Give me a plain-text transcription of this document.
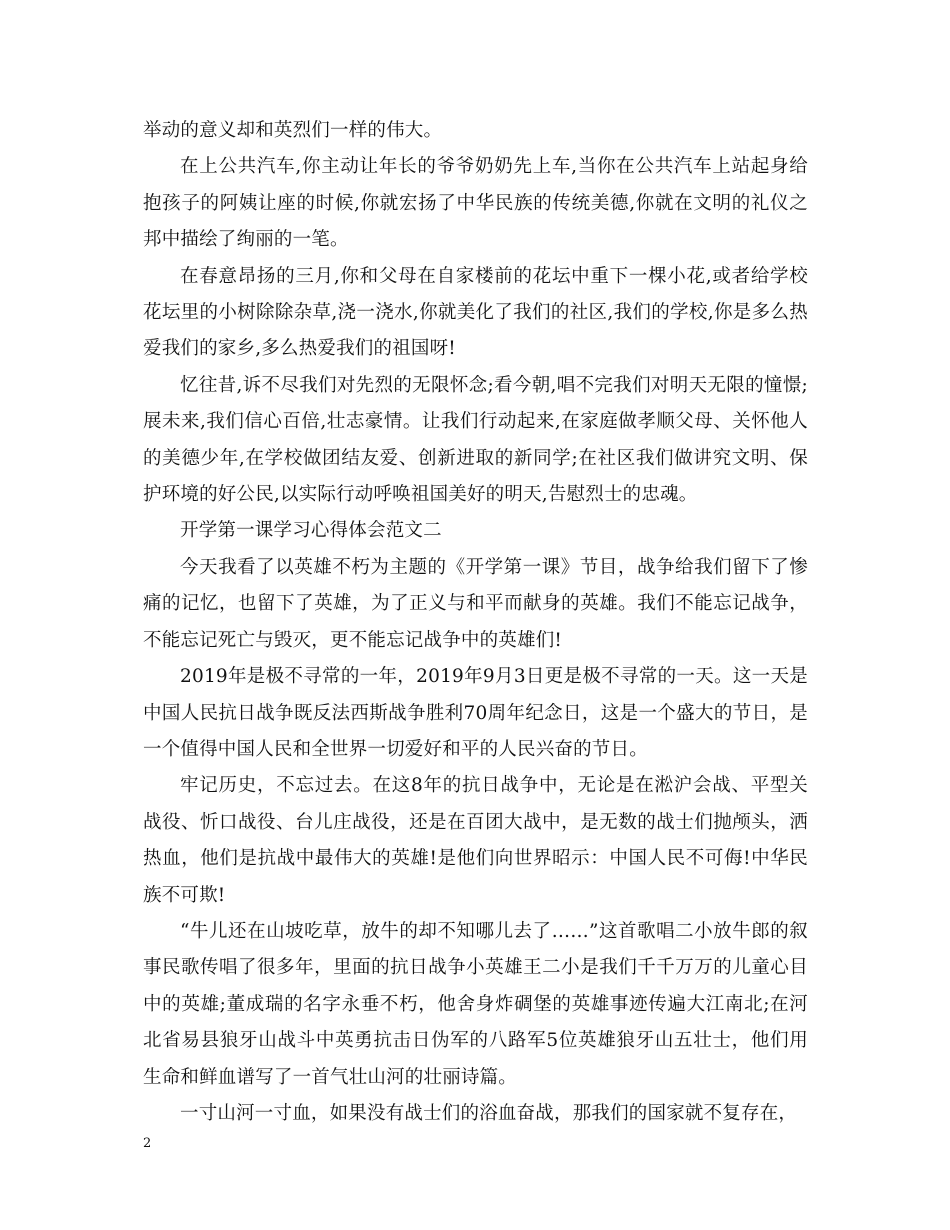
举动的意义却和英烈们一样的伟大。

在上公共汽车,你主动让年长的爷爷奶奶先上车,当你在公共汽车上站起身给抱孩子的阿姨让座的时候,你就宏扬了中华民族的传统美德,你就在文明的礼仪之邦中描绘了绚丽的一笔。

在春意昂扬的三月,你和父母在自家楼前的花坛中重下一棵小花,或者给学校花坛里的小树除除杂草,浇一浇水,你就美化了我们的社区,我们的学校,你是多么热爱我们的家乡,多么热爱我们的祖国呀!

忆往昔,诉不尽我们对先烈的无限怀念;看今朝,唱不完我们对明天无限的憧憬;展未来,我们信心百倍,壮志豪情。让我们行动起来,在家庭做孝顺父母、关怀他人的美德少年,在学校做团结友爱、创新进取的新同学;在社区我们做讲究文明、保护环境的好公民,以实际行动呼唤祖国美好的明天,告慰烈士的忠魂。

开学第一课学习心得体会范文二

今天我看了以英雄不朽为主题的《开学第一课》节目，战争给我们留下了惨痛的记忆，也留下了英雄，为了正义与和平而献身的英雄。我们不能忘记战争，不能忘记死亡与毁灭，更不能忘记战争中的英雄们!

2019年是极不寻常的一年，2019年9月3日更是极不寻常的一天。这一天是中国人民抗日战争既反法西斯战争胜利70周年纪念日，这是一个盛大的节日，是一个值得中国人民和全世界一切爱好和平的人民兴奋的节日。

牢记历史，不忘过去。在这8年的抗日战争中，无论是在淞沪会战、平型关战役、忻口战役、台儿庄战役，还是在百团大战中，是无数的战士们抛颅头，洒热血，他们是抗战中最伟大的英雄!是他们向世界昭示：中国人民不可侮!中华民族不可欺!

“牛儿还在山坡吃草，放牛的却不知哪儿去了……”这首歌唱二小放牛郎的叙事民歌传唱了很多年，里面的抗日战争小英雄王二小是我们千千万万的儿童心目中的英雄;董成瑞的名字永垂不朽，他舍身炸碉堡的英雄事迹传遍大江南北;在河北省易县狼牙山战斗中英勇抗击日伪军的八路军5位英雄狼牙山五壮士，他们用生命和鲜血谱写了一首气壮山河的壮丽诗篇。

一寸山河一寸血，如果没有战士们的浴血奋战，那我们的国家就不复存在，

2
